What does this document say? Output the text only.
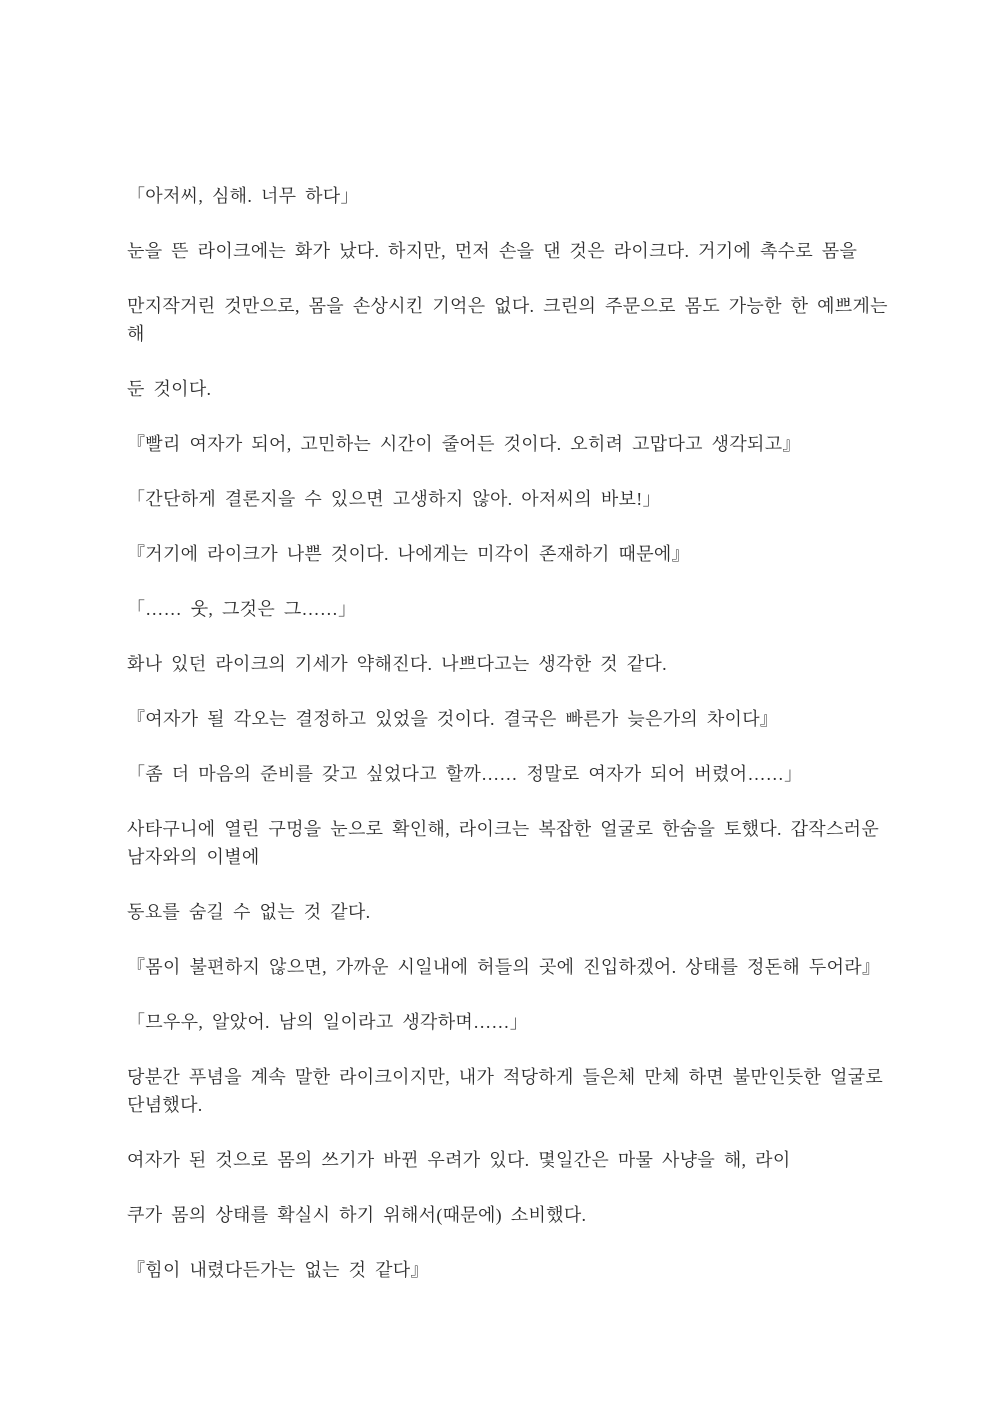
「아저씨, 심해. 너무 하다」
눈을 뜬 라이크에는 화가 났다. 하지만, 먼저 손을 댄 것은 라이크다. 거기에 촉수로 몸을
만지작거린 것만으로, 몸을 손상시킨 기억은 없다. 크린의 주문으로 몸도 가능한 한 예쁘게는
해
둔 것이다.
『빨리 여자가 되어, 고민하는 시간이 줄어든 것이다. 오히려 고맙다고 생각되고』
「간단하게 결론지을 수 있으면 고생하지 않아. 아저씨의 바보!」
『거기에 라이크가 나쁜 것이다. 나에게는 미각이 존재하기 때문에』
「…… 웃, 그것은 그……」
화나 있던 라이크의 기세가 약해진다. 나쁘다고는 생각한 것 같다.
『여자가 될 각오는 결정하고 있었을 것이다. 결국은 빠른가 늦은가의 차이다』
「좀 더 마음의 준비를 갖고 싶었다고 할까…… 정말로 여자가 되어 버렸어……」
사타구니에 열린 구멍을 눈으로 확인해, 라이크는 복잡한 얼굴로 한숨을 토했다. 갑작스러운
남자와의 이별에
동요를 숨길 수 없는 것 같다.
『몸이 불편하지 않으면, 가까운 시일내에 허들의 곳에 진입하겠어. 상태를 정돈해 두어라』
「므우우, 알았어. 남의 일이라고 생각하며……」
당분간 푸념을 계속 말한 라이크이지만, 내가 적당하게 들은체 만체 하면 불만인듯한 얼굴로
단념했다.
여자가 된 것으로 몸의 쓰기가 바뀐 우려가 있다. 몇일간은 마물 사냥을 해, 라이
쿠가 몸의 상태를 확실시 하기 위해서(때문에) 소비했다.
『힘이 내렸다든가는 없는 것 같다』
